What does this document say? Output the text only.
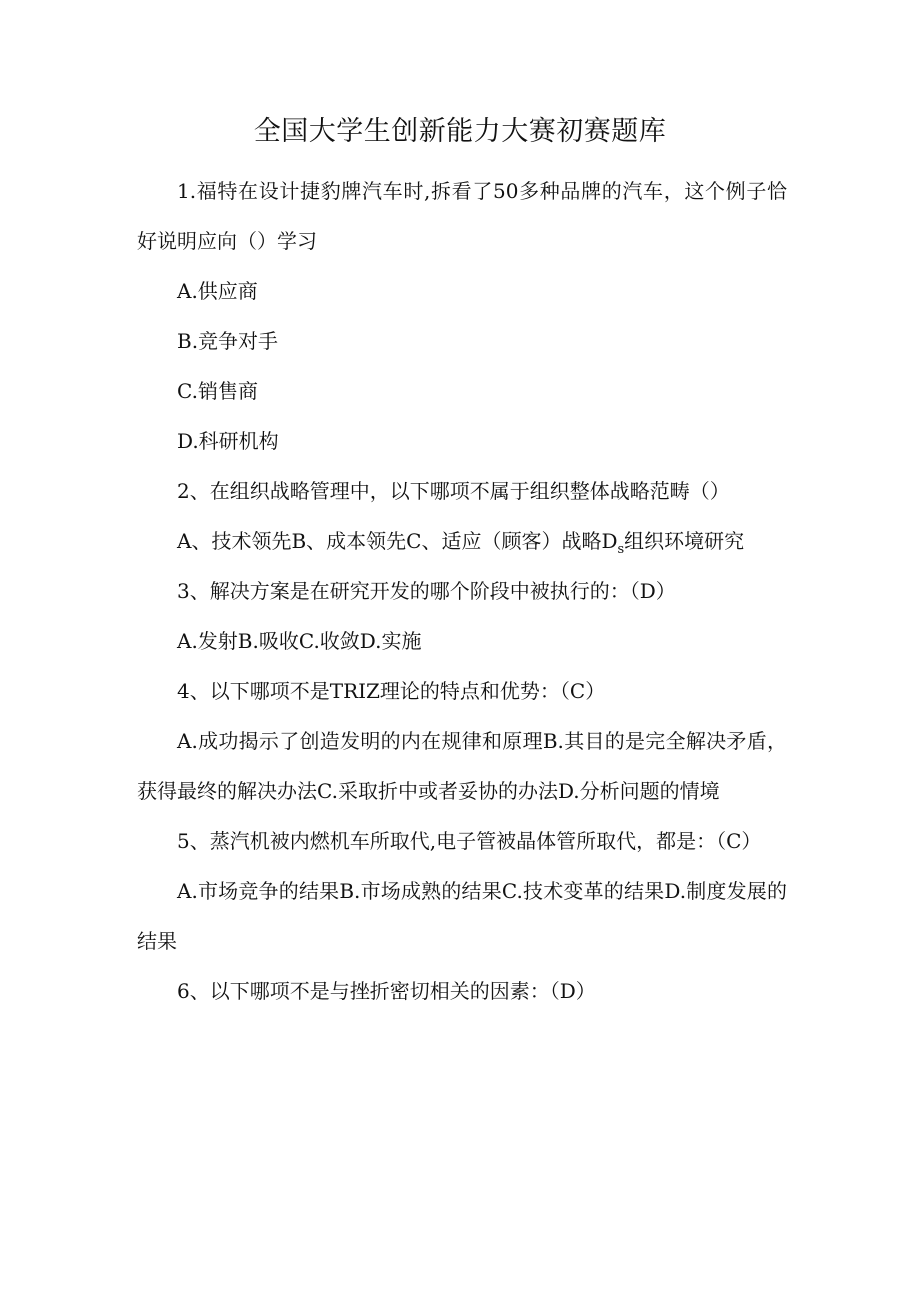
全国大学生创新能力大赛初赛题库

1.福特在设计捷豹牌汽车时,拆看了50多种品牌的汽车，这个例子恰好说明应向（）学习

A.供应商

B.竞争对手

C.销售商

D.科研机构

2、在组织战略管理中，以下哪项不属于组织整体战略范畴（）

A、技术领先B、成本领先C、适应（顾客）战略$D_s$组织环境研究

3、解决方案是在研究开发的哪个阶段中被执行的：（D）

A.发射B.吸收C.收敛D.实施

4、以下哪项不是TRIZ理论的特点和优势：（C）

A.成功揭示了创造发明的内在规律和原理B.其目的是完全解决矛盾，获得最终的解决办法C.采取折中或者妥协的办法D.分析问题的情境

5、蒸汽机被内燃机车所取代,电子管被晶体管所取代，都是：（C）

A.市场竞争的结果B.市场成熟的结果C.技术变革的结果D.制度发展的结果

6、以下哪项不是与挫折密切相关的因素：（D）
